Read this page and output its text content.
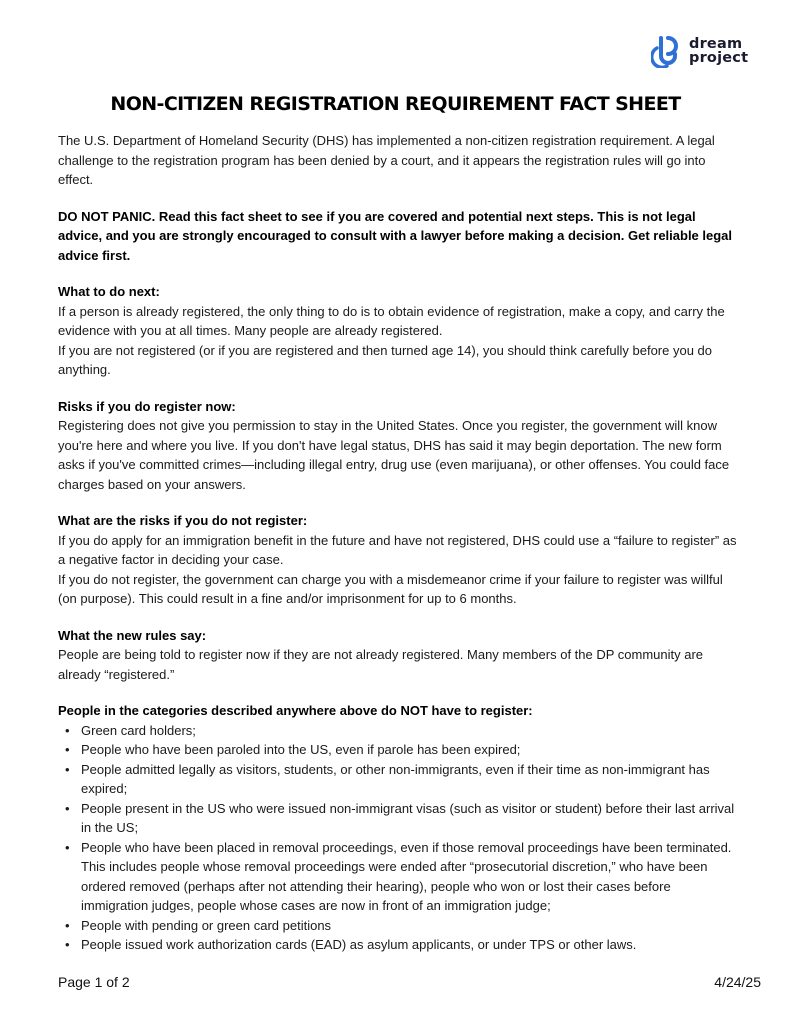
dream
project
NON-CITIZEN REGISTRATION REQUIREMENT FACT SHEET

The U.S. Department of Homeland Security (DHS) has implemented a non-citizen registration requirement. A legal challenge to the registration program has been denied by a court, and it appears the registration rules will go into effect.

DO NOT PANIC. Read this fact sheet to see if you are covered and potential next steps. This is not legal advice, and you are strongly encouraged to consult with a lawyer before making a decision. Get reliable legal advice first.

What to do next:

If a person is already registered, the only thing to do is to obtain evidence of registration, make a copy, and carry the evidence with you at all times. Many people are already registered.

If you are not registered (or if you are registered and then turned age 14), you should think carefully before you do anything.

Risks if you do register now:

Registering does not give you permission to stay in the United States. Once you register, the government will know you're here and where you live. If you don't have legal status, DHS has said it may begin deportation. The new form asks if you've committed crimes—including illegal entry, drug use (even marijuana), or other offenses. You could face charges based on your answers.

What are the risks if you do not register:

If you do apply for an immigration benefit in the future and have not registered, DHS could use a “failure to register” as a negative factor in deciding your case.

If you do not register, the government can charge you with a misdemeanor crime if your failure to register was willful (on purpose). This could result in a fine and/or imprisonment for up to 6 months.

What the new rules say:

People are being told to register now if they are not already registered. Many members of the DP community are already “registered.”

People in the categories described anywhere above do NOT have to register:

• Green card holders;
• People who have been paroled into the US, even if parole has been expired;
• People admitted legally as visitors, students, or other non-immigrants, even if their time as non-immigrant has expired;
• People present in the US who were issued non-immigrant visas (such as visitor or student) before their last arrival in the US;
• People who have been placed in removal proceedings, even if those removal proceedings have been terminated. This includes people whose removal proceedings were ended after “prosecutorial discretion,” who have been ordered removed (perhaps after not attending their hearing), people who won or lost their cases before immigration judges, people whose cases are now in front of an immigration judge;
• People with pending or green card petitions
• People issued work authorization cards (EAD) as asylum applicants, or under TPS or other laws.
Page 1 of 2	4/24/25
